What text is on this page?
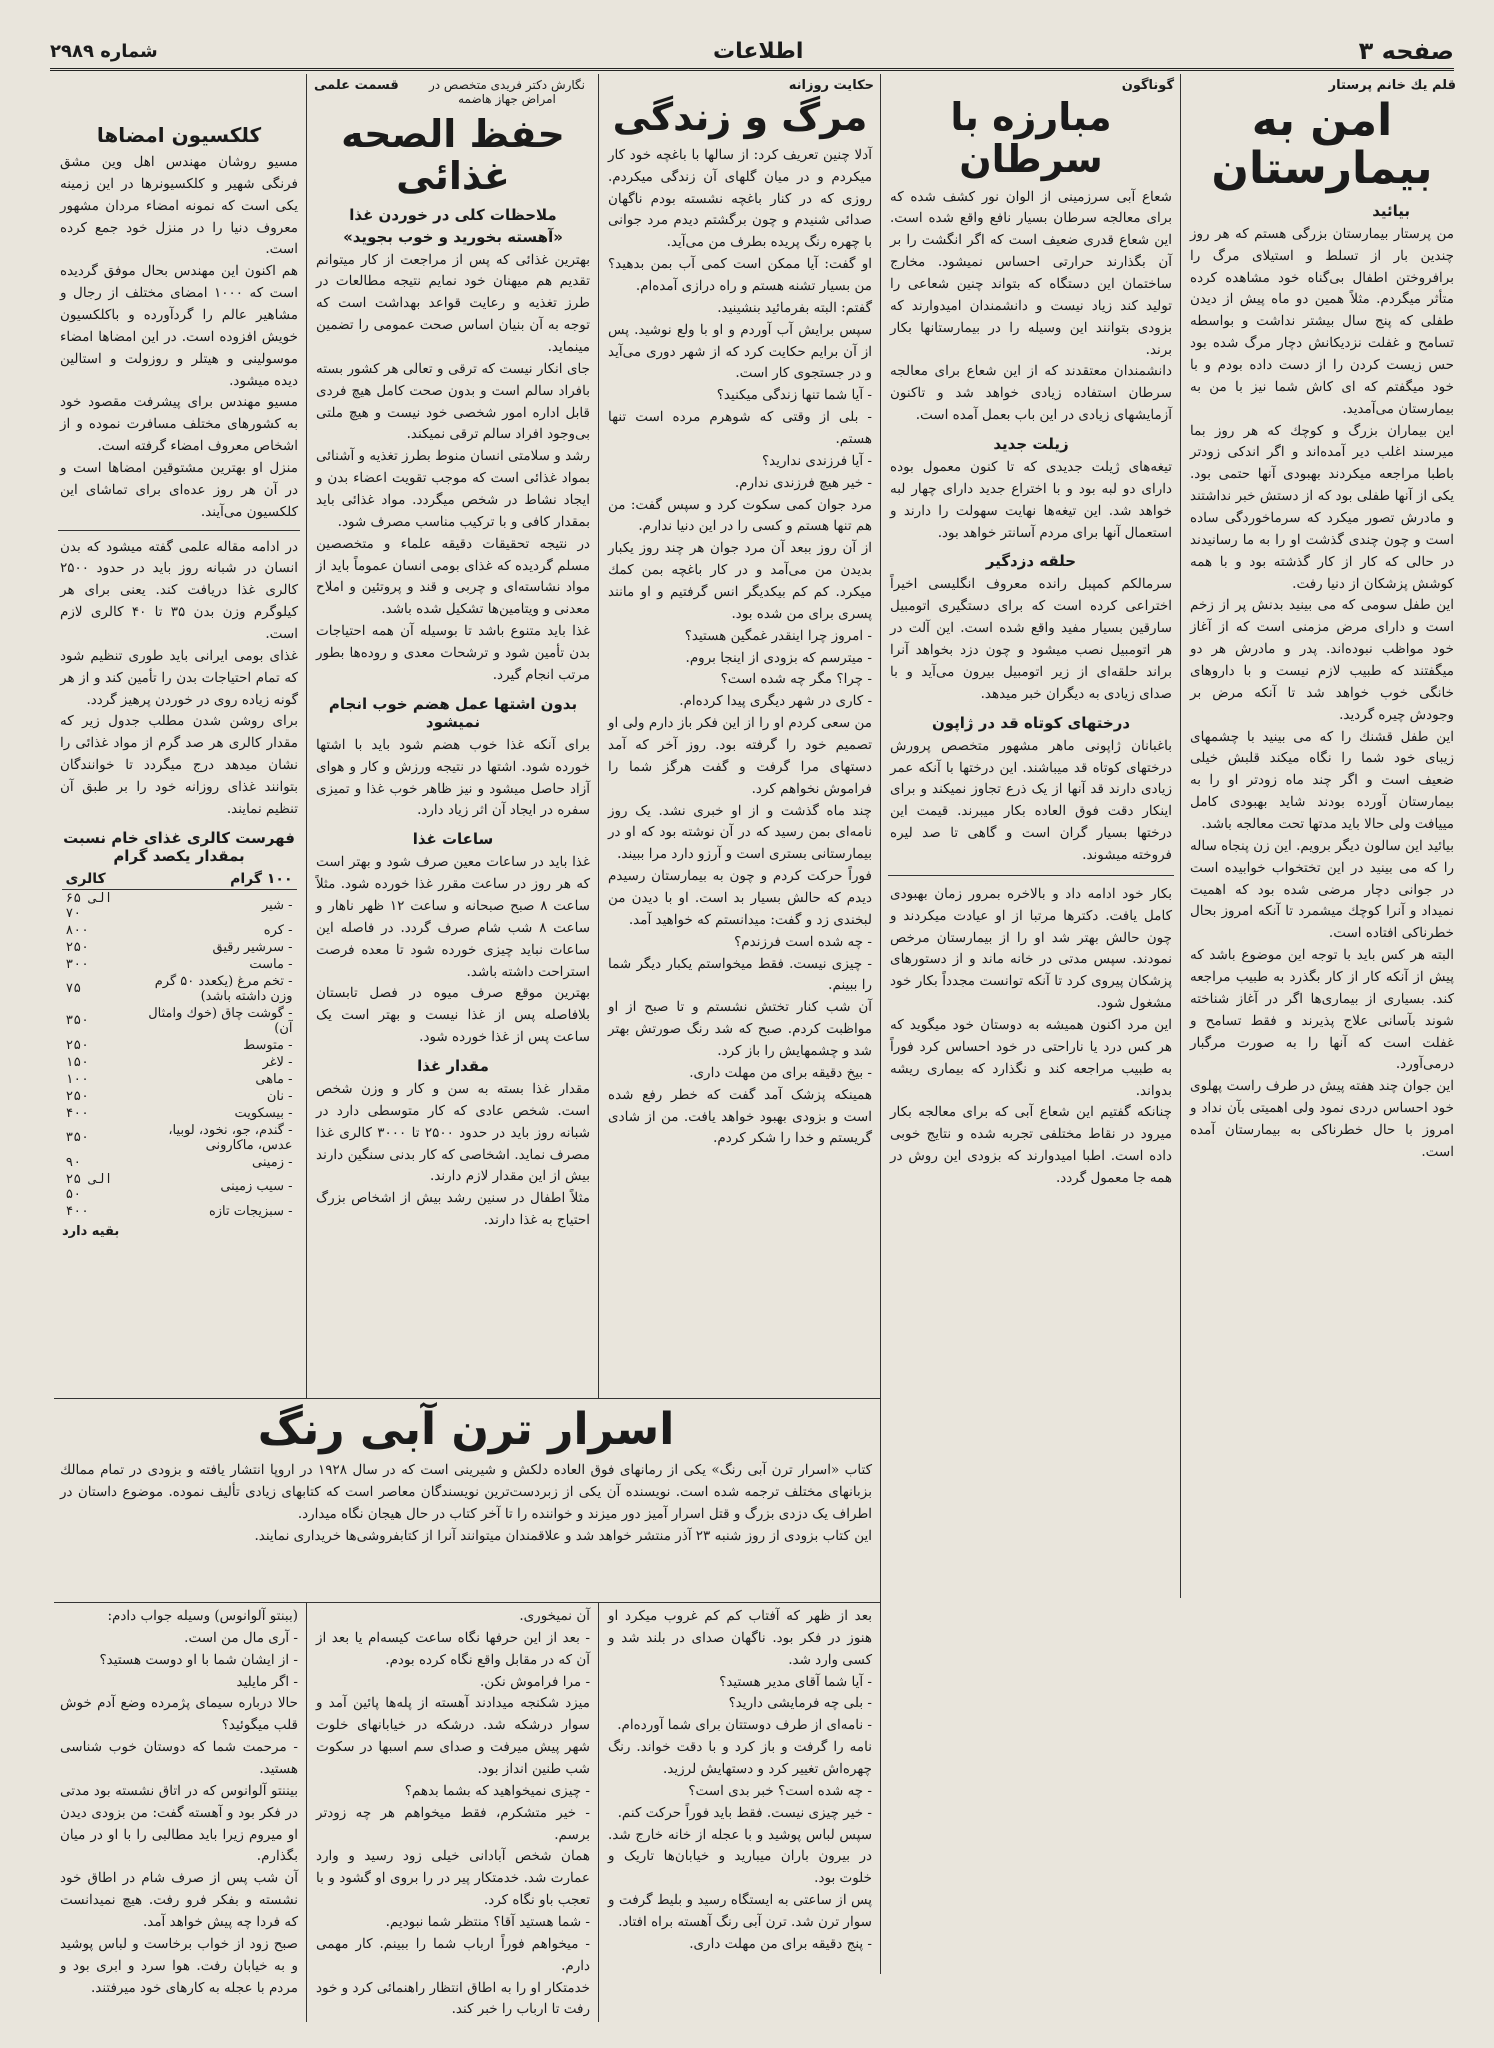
صفحه ۳
اطلاعات
شماره ۲۹۸۹
قلم یك خانم پرستار
امن به بیمارستان
بیائید
من پرستار بیمارستان بزرگی هستم که هر روز چندین بار از تسلط و استیلای مرگ را برافروختن اطفال بی‌گناه خود مشاهده کرده متأثر میگردم. مثلاً همین دو ماه پیش از دیدن طفلی که پنج سال بیشتر نداشت و بواسطه تسامح و غفلت نزدیکانش دچار مرگ شده بود حس زیست کردن را از دست داده بودم و با خود میگفتم که ای کاش شما نیز با من به بیمارستان می‌آمدید.
این بیماران بزرگ و کوچك که هر روز بما میرسند اغلب دیر آمده‌اند و اگر اندکی زودتر باطبا مراجعه میکردند بهبودی آنها حتمی بود. یکی از آنها طفلی بود که از دستش خبر نداشتند و مادرش تصور میکرد که سرماخوردگی ساده است و چون چندی گذشت او را به ما رسانیدند در حالی که کار از کار گذشته بود و با همه کوشش پزشکان از دنیا رفت.
این طفل سومی که می بینید بدنش پر از زخم است و دارای مرض مزمنی است که از آغاز خود مواظب نبوده‌اند. پدر و مادرش هر دو میگفتند که طبیب لازم نیست و با داروهای خانگی خوب خواهد شد تا آنکه مرض بر وجودش چیره گردید.
این طفل قشنك را که می بینید با چشمهای زیبای خود شما را نگاه میکند قلبش خیلی ضعیف است و اگر چند ماه زودتر او را به بیمارستان آورده بودند شاید بهبودی کامل مییافت ولی حالا باید مدتها تحت معالجه باشد.
بیائید این سالون دیگر برویم. این زن پنجاه ساله را که می بینید در این تختخواب خوابیده است در جوانی دچار مرضی شده بود که اهمیت نمیداد و آنرا کوچك میشمرد تا آنکه امروز بحال خطرناکی افتاده است.
البته هر کس باید با توجه این موضوع باشد که پیش از آنکه کار از کار بگذرد به طبیب مراجعه کند. بسیاری از بیماری‌ها اگر در آغاز شناخته شوند بآسانی علاج پذیرند و فقط تسامح و غفلت است که آنها را به صورت مرگبار درمی‌آورد.
این جوان چند هفته پیش در طرف راست پهلوی خود احساس دردی نمود ولی اهمیتی بآن نداد و امروز با حال خطرناکی به بیمارستان آمده است.
گوناگون
مبارزه با سرطان
شعاع آبی سرزمینی از الوان نور کشف شده که برای معالجه سرطان بسیار نافع واقع شده است. این شعاع قدری ضعیف است که اگر انگشت را بر آن بگذارند حرارتی احساس نمیشود. مخارج ساختمان این دستگاه که بتواند چنین شعاعی را تولید کند زیاد نیست و دانشمندان امیدوارند که بزودی بتوانند این وسیله را در بیمارستانها بکار برند.
دانشمندان معتقدند که از این شعاع برای معالجه سرطان استفاده زیادی خواهد شد و تاکنون آزمایشهای زیادی در این باب بعمل آمده است.
زیلت جدید
تیغه‌های ژیلت جدیدی که تا کنون معمول بوده دارای دو لبه بود و با اختراع جدید دارای چهار لبه خواهد شد. این تیغه‌ها نهایت سهولت را دارند و استعمال آنها برای مردم آسانتر خواهد بود.
حلقه دزدگیر
سرمالکم کمپبل رانده معروف انگلیسی اخیراً اختراعی کرده است که برای دستگیری اتومبیل سارقین بسیار مفید واقع شده است. این آلت در هر اتومبیل نصب میشود و چون دزد بخواهد آنرا براند حلقه‌ای از زیر اتومبیل بیرون می‌آید و با صدای زیادی به دیگران خبر میدهد.
درختهای کوتاه قد در ژاپون
باغبانان ژاپونی ماهر مشهور متخصص پرورش درختهای کوتاه قد میباشند. این درختها با آنکه عمر زیادی دارند قد آنها از یک ذرع تجاوز نمیکند و برای اینکار دقت فوق العاده بکار میبرند. قیمت این درختها بسیار گران است و گاهی تا صد لیره فروخته میشوند.
بکار خود ادامه داد و بالاخره بمرور زمان بهبودی کامل یافت. دکترها مرتبا از او عیادت میکردند و چون حالش بهتر شد او را از بیمارستان مرخص نمودند. سپس مدتی در خانه ماند و از دستورهای پزشکان پیروی کرد تا آنکه توانست مجدداً بکار خود مشغول شود.
این مرد اکنون همیشه به دوستان خود میگوید که هر کس درد یا ناراحتی در خود احساس کرد فوراً به طبیب مراجعه کند و نگذارد که بیماری ریشه بدواند.
چنانکه گفتیم این شعاع آبی که برای معالجه بکار میرود در نقاط مختلفی تجربه شده و نتایج خوبی داده است. اطبا امیدوارند که بزودی این روش در همه جا معمول گردد.
حکایت روزانه
مرگ و زندگی
آدلا چنین تعریف کرد: از سالها با باغچه خود کار میکردم و در میان گلهای آن زندگی میکردم. روزی که در کنار باغچه نشسته بودم ناگهان صدائی شنیدم و چون برگشتم دیدم مرد جوانی با چهره رنگ پریده بطرف من می‌آید.
او گفت: آیا ممکن است کمی آب بمن بدهید؟ من بسیار تشنه هستم و راه درازی آمده‌ام.
گفتم: البته بفرمائید بنشینید.
سپس برایش آب آوردم و او با ولع نوشید. پس از آن برایم حکایت کرد که از شهر دوری می‌آید و در جستجوی کار است.
- آیا شما تنها زندگی میکنید؟
- بلی از وقتی که شوهرم مرده است تنها هستم.
- آیا فرزندی ندارید؟
- خیر هیچ فرزندی ندارم.
مرد جوان کمی سکوت کرد و سپس گفت: من هم تنها هستم و کسی را در این دنیا ندارم.
از آن روز ببعد آن مرد جوان هر چند روز یکبار بدیدن من می‌آمد و در کار باغچه بمن کمك میکرد. کم کم بیکدیگر انس گرفتیم و او مانند پسری برای من شده بود.
- امروز چرا اینقدر غمگین هستید؟
- میترسم که بزودی از اینجا بروم.
- چرا؟ مگر چه شده است؟
- کاری در شهر دیگری پیدا کرده‌ام.
من سعی کردم او را از این فکر باز دارم ولی او تصمیم خود را گرفته بود. روز آخر که آمد دستهای مرا گرفت و گفت هرگز شما را فراموش نخواهم کرد.
چند ماه گذشت و از او خبری نشد. یک روز نامه‌ای بمن رسید که در آن نوشته بود که او در بیمارستانی بستری است و آرزو دارد مرا ببیند.
فوراً حرکت کردم و چون به بیمارستان رسیدم دیدم که حالش بسیار بد است. او با دیدن من لبخندی زد و گفت: میدانستم که خواهید آمد.
- چه شده است فرزندم؟
- چیزی نیست. فقط میخواستم یکبار دیگر شما را ببینم.
آن شب کنار تختش نشستم و تا صبح از او مواظبت کردم. صبح که شد رنگ صورتش بهتر شد و چشمهایش را باز کرد.
- بیخ دقیقه برای من مهلت داری.
همینکه پزشک آمد گفت که خطر رفع شده است و بزودی بهبود خواهد یافت. من از شادی گریستم و خدا را شکر کردم.
نگارش دکتر فریدی متخصص در امراض جهاز هاضمه
قسمت علمی
حفظ الصحه غذائی
ملاحظات کلی در خوردن غذا
«آهسته بخورید و خوب بجوید»
بهترین غذائی که پس از مراجعت از کار میتوانم تقدیم هم میهنان خود نمایم نتیجه مطالعات در طرز تغذیه و رعایت قواعد بهداشت است که توجه به آن بنیان اساس صحت عمومی را تضمین مینماید.
جای انکار نیست که ترقی و تعالی هر کشور بسته بافراد سالم است و بدون صحت کامل هیچ فردی قابل اداره امور شخصی خود نیست و هیچ ملتی بی‌وجود افراد سالم ترقی نمیکند.
رشد و سلامتی انسان منوط بطرز تغذیه و آشنائی بمواد غذائی است که موجب تقویت اعضاء بدن و ایجاد نشاط در شخص میگردد. مواد غذائی باید بمقدار کافی و با ترکیب مناسب مصرف شود.
در نتیجه تحقیقات دقیقه علماء و متخصصین مسلم گردیده که غذای بومی انسان عموماً باید از مواد نشاسته‌ای و چربی و قند و پروتئین و املاح معدنی و ویتامین‌ها تشکیل شده باشد.
غذا باید متنوع باشد تا بوسیله آن همه احتیاجات بدن تأمین شود و ترشحات معدی و روده‌ها بطور مرتب انجام گیرد.
بدون اشتها عمل هضم خوب انجام نمیشود
برای آنکه غذا خوب هضم شود باید با اشتها خورده شود. اشتها در نتیجه ورزش و کار و هوای آزاد حاصل میشود و نیز ظاهر خوب غذا و تمیزی سفره در ایجاد آن اثر زیاد دارد.
ساعات غذا
غذا باید در ساعات معین صرف شود و بهتر است که هر روز در ساعت مقرر غذا خورده شود. مثلاً ساعت ۸ صبح صبحانه و ساعت ۱۲ ظهر ناهار و ساعت ۸ شب شام صرف گردد. در فاصله این ساعات نباید چیزی خورده شود تا معده فرصت استراحت داشته باشد.
بهترین موقع صرف میوه در فصل تابستان بلافاصله پس از غذا نیست و بهتر است یک ساعت پس از غذا خورده شود.
مقدار غذا
مقدار غذا بسته به سن و کار و وزن شخص است. شخص عادی که کار متوسطی دارد در شبانه روز باید در حدود ۲۵۰۰ تا ۳۰۰۰ کالری غذا مصرف نماید. اشخاصی که کار بدنی سنگین دارند بیش از این مقدار لازم دارند.
مثلاً اطفال در سنین رشد بیش از اشخاص بزرگ احتیاج به غذا دارند.
کلکسیون امضاها
مسیو روشان مهندس اهل وین مشق فرنگی شهیر و کلکسیونرها در این زمینه یکی است که نمونه امضاء مردان مشهور معروف دنیا را در منزل خود جمع کرده است.
هم اکنون این مهندس بحال موفق گردیده است که ۱۰۰۰ امضای مختلف از رجال و مشاهیر عالم را گردآورده و باکلکسیون خویش افزوده است. در این امضاها امضاء موسولینی و هیتلر و روزولت و استالین دیده میشود.
مسیو مهندس برای پیشرفت مقصود خود به کشورهای مختلف مسافرت نموده و از اشخاص معروف امضاء گرفته است.
منزل او بهترین مشتوقین امضاها است و در آن هر روز عده‌ای برای تماشای این کلکسیون می‌آیند.
در ادامه مقاله علمی گفته میشود که بدن انسان در شبانه روز باید در حدود ۲۵۰۰ کالری غذا دریافت کند. یعنی برای هر کیلوگرم وزن بدن ۳۵ تا ۴۰ کالری لازم است.
غذای بومی ایرانی باید طوری تنظیم شود که تمام احتیاجات بدن را تأمین کند و از هر گونه زیاده روی در خوردن پرهیز گردد.
برای روشن شدن مطلب جدول زیر که مقدار کالری هر صد گرم از مواد غذائی را نشان میدهد درج میگردد تا خوانندگان بتوانند غذای روزانه خود را بر طبق آن تنظیم نمایند.
فهرست کالری غذای خام نسبت بمقدار یکصد گرام
۱۰۰ گرام	کالری
- شیر	۶۵ الی ۷۰
- کره	۸۰۰
- سرشیر رقیق	۲۵۰
- ماست	۳۰۰
- تخم مرغ (یکعدد ۵۰ گرم وزن داشته باشد)	۷۵
- گوشت چاق (خوك وامثال آن)	۳۵۰
- متوسط	۲۵۰
- لاغر	۱۵۰
- ماهی	۱۰۰
- نان	۲۵۰
- بیسکویت	۴۰۰
- گندم، جو، نخود، لوبیا، عدس، ماکارونی	۳۵۰
- زمینی	۹۰
- سیب زمینی	۲۵ الی ۵۰
- سبزیجات تازه	۴۰۰
بقیه دارد
اسرار ترن آبی رنگ
کتاب «اسرار ترن آبی رنگ» یکی از رمانهای فوق العاده دلکش و شیرینی است که در سال ۱۹۲۸ در اروپا انتشار یافته و بزودی در تمام ممالك بزبانهای مختلف ترجمه شده است. نویسنده آن یکی از زبردست‌ترین نویسندگان معاصر است که کتابهای زیادی تألیف نموده. موضوع داستان در اطراف یک دزدی بزرگ و قتل اسرار آمیز دور میزند و خواننده را تا آخر کتاب در حال هیجان نگاه میدارد.
این کتاب بزودی از روز شنبه ۲۳ آذر منتشر خواهد شد و علاقمندان میتوانند آنرا از کتابفروشی‌ها خریداری نمایند.
بعد از ظهر که آفتاب کم کم غروب میکرد او هنوز در فکر بود. ناگهان صدای در بلند شد و کسی وارد شد.
- آیا شما آقای مدیر هستید؟
- بلی چه فرمایشی دارید؟
- نامه‌ای از طرف دوستتان برای شما آورده‌ام.
نامه را گرفت و باز کرد و با دقت خواند. رنگ چهره‌اش تغییر کرد و دستهایش لرزید.
- چه شده است؟ خبر بدی است؟
- خیر چیزی نیست. فقط باید فوراً حرکت کنم.
سپس لباس پوشید و با عجله از خانه خارج شد. در بیرون باران میبارید و خیابان‌ها تاریک و خلوت بود.
پس از ساعتی به ایستگاه رسید و بلیط گرفت و سوار ترن شد. ترن آبی رنگ آهسته براه افتاد.
- پنج دقیقه برای من مهلت داری.
آن نمیخوری.
- بعد از این حرفها نگاه ساعت کیسه‌ام یا بعد از آن که در مقابل واقع نگاه کرده بودم.
- مرا فراموش نکن.
میزد شکنجه میدادند آهسته از پله‌ها پائین آمد و سوار درشکه شد. درشکه در خیابانهای خلوت شهر پیش میرفت و صدای سم اسبها در سکوت شب طنین انداز بود.
- چیزی نمیخواهید که بشما بدهم؟
- خیر متشکرم، فقط میخواهم هر چه زودتر برسم.
همان شخص آبادانی خیلی زود رسید و وارد عمارت شد. خدمتکار پیر در را بروی او گشود و با تعجب باو نگاه کرد.
- شما هستید آقا؟ منتظر شما نبودیم.
- میخواهم فوراً ارباب شما را ببینم. کار مهمی دارم.
خدمتکار او را به اطاق انتظار راهنمائی کرد و خود رفت تا ارباب را خبر کند.
(ببنتو آلوانوس) وسیله جواب دادم:
- آری مال من است.
- از ایشان شما با او دوست هستید؟
- اگر مایلید
حالا درباره سیمای پژمرده وضع آدم خوش قلب میگوئید؟
- مرحمت شما که دوستان خوب شناسی هستید.
بیننتو آلوانوس که در اتاق نشسته بود مدتی در فکر بود و آهسته گفت: من بزودی دیدن او میروم زیرا باید مطالبی را با او در میان بگذارم.
آن شب پس از صرف شام در اطاق خود نشسته و بفکر فرو رفت. هیچ نمیدانست که فردا چه پیش خواهد آمد.
صبح زود از خواب برخاست و لباس پوشید و به خیابان رفت. هوا سرد و ابری بود و مردم با عجله به کارهای خود میرفتند.
